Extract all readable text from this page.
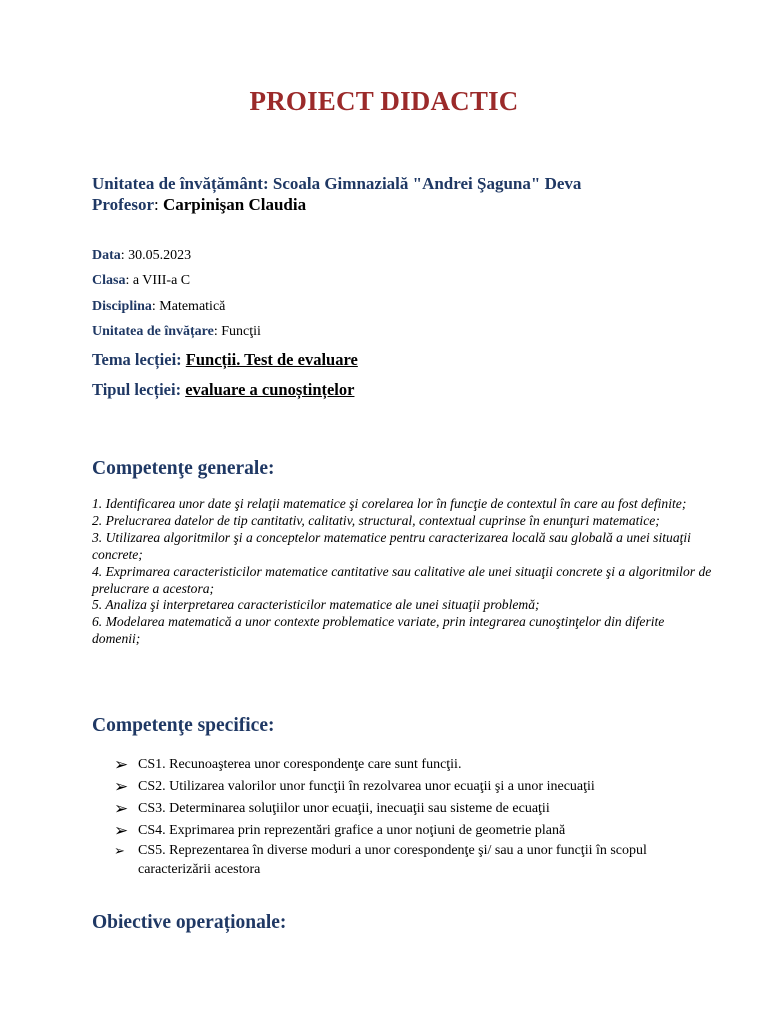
PROIECT DIDACTIC
Unitatea de învățământ: Scoala Gimnazială "Andrei Şaguna" Deva
Profesor: Carpinişan Claudia
Data: 30.05.2023
Clasa: a VIII-a C
Disciplina: Matematică
Unitatea de învățare: Funcţii
Tema lecției: Funcții. Test de evaluare
Tipul lecției: evaluare a cunoștințelor
Competenţe generale:

1. Identificarea unor date şi relaţii matematice şi corelarea lor în funcţie de contextul în care au fost definite;

2. Prelucrarea datelor de tip cantitativ, calitativ, structural, contextual cuprinse în enunţuri matematice;

3. Utilizarea algoritmilor şi a conceptelor matematice pentru caracterizarea locală sau globală a unei situaţii concrete;

4. Exprimarea caracteristicilor matematice cantitative sau calitative ale unei situaţii concrete şi a algoritmilor de prelucrare a acestora;

5. Analiza şi interpretarea caracteristicilor matematice ale unei situaţii problemă;

6. Modelarea matematică a unor contexte problematice variate, prin integrarea cunoştinţelor din diferite domenii;

Competenţe specifice:
➢ CS1. Recunoaşterea unor corespondenţe care sunt funcţii.
➢ CS2. Utilizarea valorilor unor funcţii în rezolvarea unor ecuaţii şi a unor inecuaţii
➢ CS3. Determinarea soluţiilor unor ecuaţii, inecuaţii sau sisteme de ecuaţii
➢ CS4. Exprimarea prin reprezentări grafice a unor noţiuni de geometrie plană
➢ CS5. Reprezentarea în diverse moduri a unor corespondenţe şi/ sau a unor funcţii în scopul caracterizării acestora
Obiective operaționale:
